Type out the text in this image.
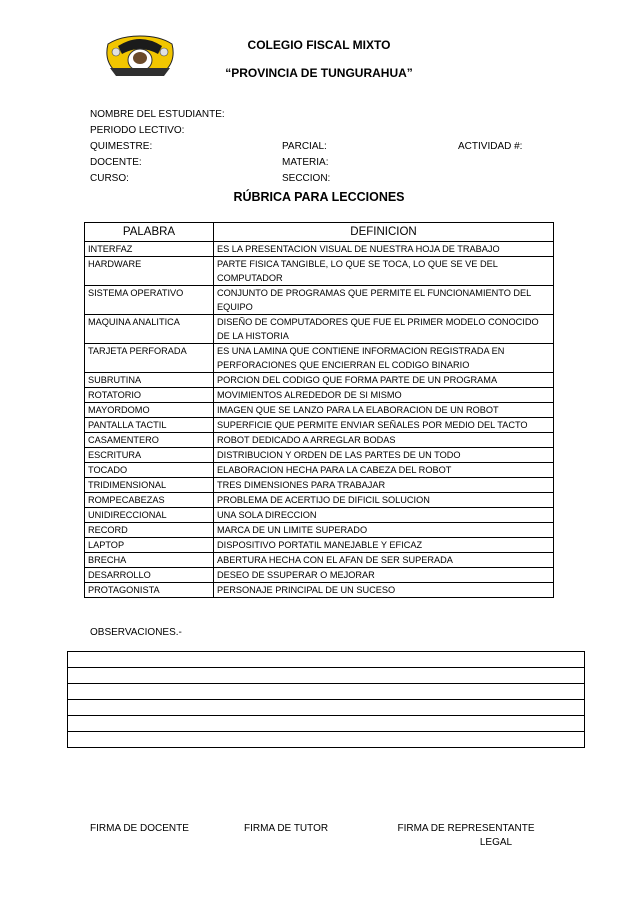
COLEGIO FISCAL MIXTO
“PROVINCIA DE TUNGURAHUA”
NOMBRE DEL ESTUDIANTE:
PERIODO LECTIVO:
QUIMESTRE:
DOCENTE:
CURSO:
PARCIAL:
MATERIA:
SECCION:
ACTIVIDAD #:
RÚBRICA PARA LECCIONES
PALABRA	DEFINICION
INTERFAZ	ES LA PRESENTACION VISUAL DE NUESTRA HOJA DE TRABAJO
HARDWARE	PARTE FISICA TANGIBLE, LO QUE SE TOCA, LO QUE SE VE DEL COMPUTADOR
SISTEMA OPERATIVO	CONJUNTO DE PROGRAMAS QUE PERMITE EL FUNCIONAMIENTO DEL EQUIPO
MAQUINA ANALITICA	DISEÑO DE COMPUTADORES QUE FUE EL PRIMER MODELO CONOCIDO DE LA HISTORIA
TARJETA PERFORADA	ES UNA LAMINA QUE CONTIENE INFORMACION REGISTRADA EN PERFORACIONES QUE ENCIERRAN EL CODIGO BINARIO
SUBRUTINA	PORCION DEL CODIGO QUE FORMA PARTE DE UN PROGRAMA
ROTATORIO	MOVIMIENTOS ALREDEDOR DE SI MISMO
MAYORDOMO	IMAGEN QUE SE LANZO PARA LA ELABORACION DE UN ROBOT
PANTALLA TACTIL	SUPERFICIE QUE PERMITE ENVIAR SEÑALES POR MEDIO DEL TACTO
CASAMENTERO	ROBOT DEDICADO A ARREGLAR BODAS
ESCRITURA	DISTRIBUCION Y ORDEN DE LAS PARTES DE UN TODO
TOCADO	ELABORACION HECHA PARA LA CABEZA DEL ROBOT
TRIDIMENSIONAL	TRES DIMENSIONES PARA TRABAJAR
ROMPECABEZAS	PROBLEMA DE ACERTIJO DE DIFICIL SOLUCION
UNIDIRECCIONAL	UNA SOLA DIRECCION
RECORD	MARCA DE UN LIMITE SUPERADO
LAPTOP	DISPOSITIVO PORTATIL MANEJABLE Y EFICAZ
BRECHA	ABERTURA HECHA CON EL AFAN DE SER SUPERADA
DESARROLLO	DESEO DE SSUPERAR O MEJORAR
PROTAGONISTA	PERSONAJE PRINCIPAL DE UN SUCESO
OBSERVACIONES.-

FIRMA DE DOCENTE	FIRMA DE TUTOR	FIRMA DE REPRESENTANTE
LEGAL
